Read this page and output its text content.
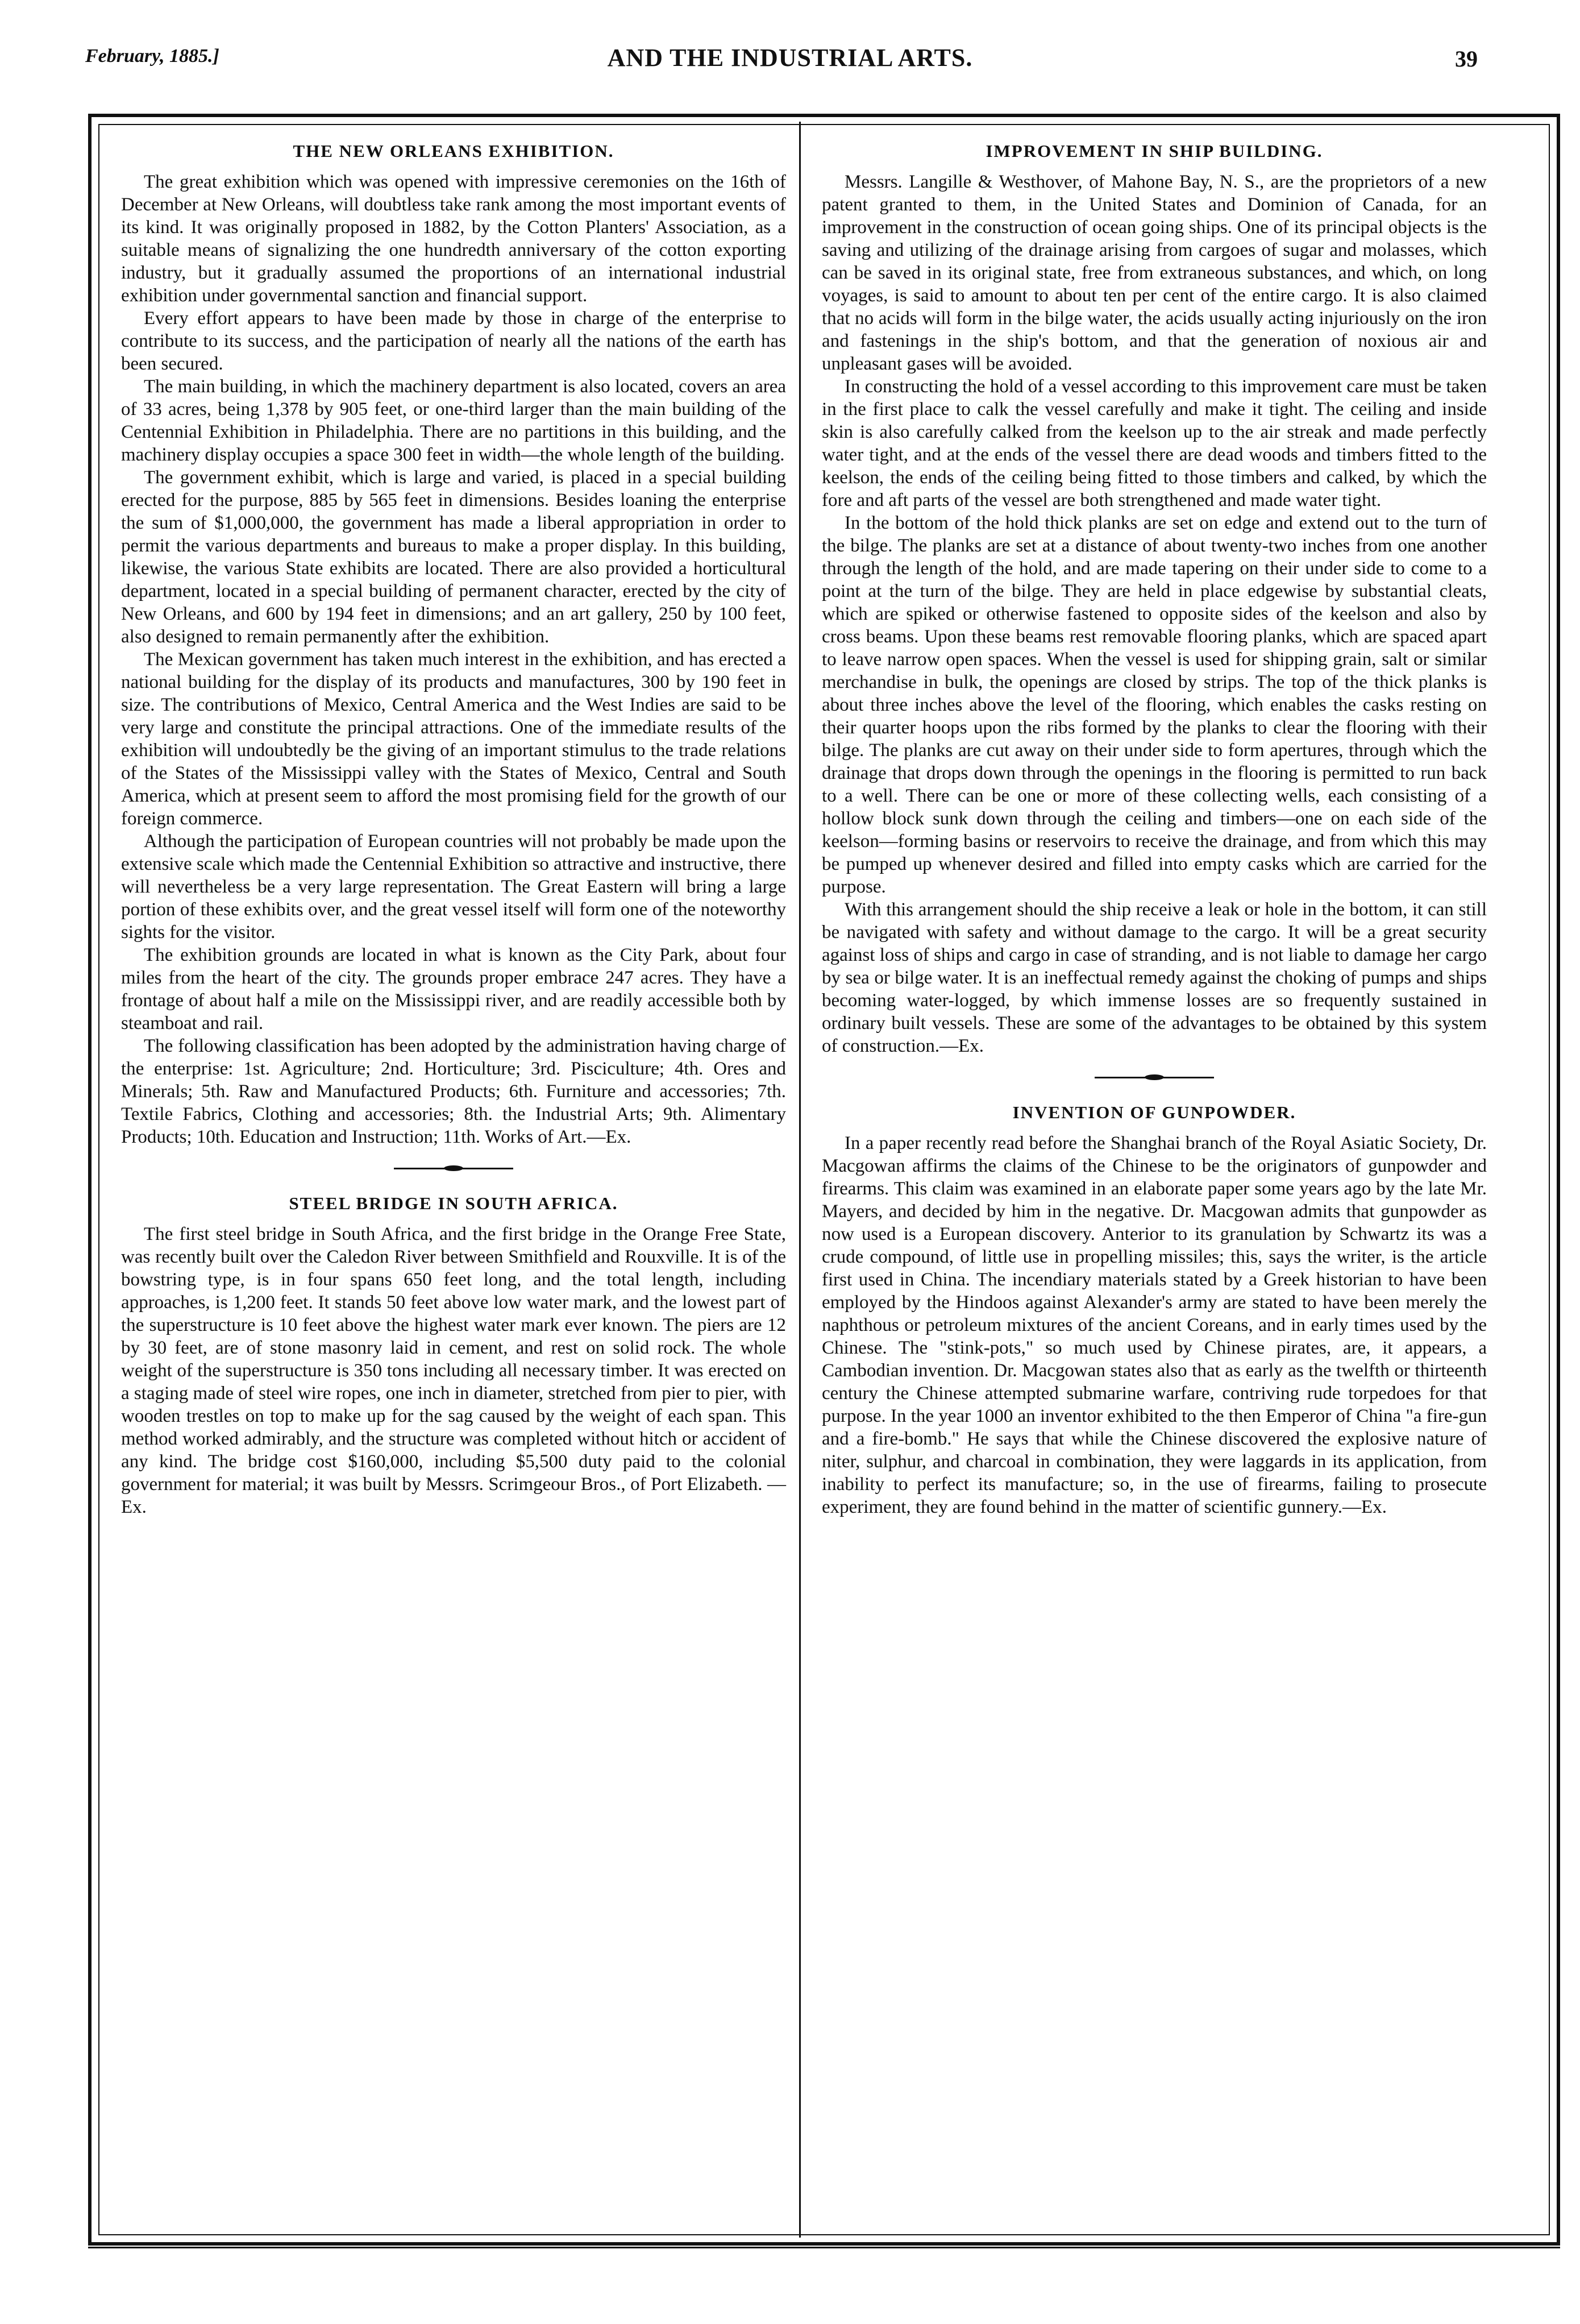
February, 1885.]	AND THE INDUSTRIAL ARTS.	39
THE NEW ORLEANS EXHIBITION.

The great exhibition which was opened with impressive ceremonies on the 16th of December at New Orleans, will doubtless take rank among the most important events of its kind. It was originally proposed in 1882, by the Cotton Planters' Association, as a suitable means of signalizing the one hundredth anniversary of the cotton exporting industry, but it gradually assumed the proportions of an international industrial exhibition under governmental sanction and financial support.

Every effort appears to have been made by those in charge of the enterprise to contribute to its success, and the participation of nearly all the nations of the earth has been secured.

The main building, in which the machinery department is also located, covers an area of 33 acres, being 1,378 by 905 feet, or one-third larger than the main building of the Centennial Exhibition in Philadelphia. There are no partitions in this building, and the machinery display occupies a space 300 feet in width—the whole length of the building.

The government exhibit, which is large and varied, is placed in a special building erected for the purpose, 885 by 565 feet in dimensions. Besides loaning the enterprise the sum of $1,000,000, the government has made a liberal appropriation in order to permit the various departments and bureaus to make a proper display. In this building, likewise, the various State exhibits are located. There are also provided a horticultural department, located in a special building of permanent character, erected by the city of New Orleans, and 600 by 194 feet in dimensions; and an art gallery, 250 by 100 feet, also designed to remain permanently after the exhibition.

The Mexican government has taken much interest in the exhibition, and has erected a national building for the display of its products and manufactures, 300 by 190 feet in size. The contributions of Mexico, Central America and the West Indies are said to be very large and constitute the principal attractions. One of the immediate results of the exhibition will undoubtedly be the giving of an important stimulus to the trade relations of the States of the Mississippi valley with the States of Mexico, Central and South America, which at present seem to afford the most promising field for the growth of our foreign commerce.

Although the participation of European countries will not probably be made upon the extensive scale which made the Centennial Exhibition so attractive and instructive, there will nevertheless be a very large representation. The Great Eastern will bring a large portion of these exhibits over, and the great vessel itself will form one of the noteworthy sights for the visitor.

The exhibition grounds are located in what is known as the City Park, about four miles from the heart of the city. The grounds proper embrace 247 acres. They have a frontage of about half a mile on the Mississippi river, and are readily accessible both by steamboat and rail.

The following classification has been adopted by the administration having charge of the enterprise: 1st. Agriculture; 2nd. Horticulture; 3rd. Pisciculture; 4th. Ores and Minerals; 5th. Raw and Manufactured Products; 6th. Furniture and accessories; 7th. Textile Fabrics, Clothing and accessories; 8th. the Industrial Arts; 9th. Alimentary Products; 10th. Education and Instruction; 11th. Works of Art.—Ex.

STEEL BRIDGE IN SOUTH AFRICA.

The first steel bridge in South Africa, and the first bridge in the Orange Free State, was recently built over the Caledon River between Smithfield and Rouxville. It is of the bowstring type, is in four spans 650 feet long, and the total length, including approaches, is 1,200 feet. It stands 50 feet above low water mark, and the lowest part of the superstructure is 10 feet above the highest water mark ever known. The piers are 12 by 30 feet, are of stone masonry laid in cement, and rest on solid rock. The whole weight of the superstructure is 350 tons including all necessary timber. It was erected on a staging made of steel wire ropes, one inch in diameter, stretched from pier to pier, with wooden trestles on top to make up for the sag caused by the weight of each span. This method worked admirably, and the structure was completed without hitch or accident of any kind. The bridge cost $160,000, including $5,500 duty paid to the colonial government for material; it was built by Messrs. Scrimgeour Bros., of Port Elizabeth. —Ex.

IMPROVEMENT IN SHIP BUILDING.

Messrs. Langille & Westhover, of Mahone Bay, N. S., are the proprietors of a new patent granted to them, in the United States and Dominion of Canada, for an improvement in the construction of ocean going ships. One of its principal objects is the saving and utilizing of the drainage arising from cargoes of sugar and molasses, which can be saved in its original state, free from extraneous substances, and which, on long voyages, is said to amount to about ten per cent of the entire cargo. It is also claimed that no acids will form in the bilge water, the acids usually acting injuriously on the iron and fastenings in the ship's bottom, and that the generation of noxious air and unpleasant gases will be avoided.

In constructing the hold of a vessel according to this improvement care must be taken in the first place to calk the vessel carefully and make it tight. The ceiling and inside skin is also carefully calked from the keelson up to the air streak and made perfectly water tight, and at the ends of the vessel there are dead woods and timbers fitted to the keelson, the ends of the ceiling being fitted to those timbers and calked, by which the fore and aft parts of the vessel are both strengthened and made water tight.

In the bottom of the hold thick planks are set on edge and extend out to the turn of the bilge. The planks are set at a distance of about twenty-two inches from one another through the length of the hold, and are made tapering on their under side to come to a point at the turn of the bilge. They are held in place edgewise by substantial cleats, which are spiked or otherwise fastened to opposite sides of the keelson and also by cross beams. Upon these beams rest removable flooring planks, which are spaced apart to leave narrow open spaces. When the vessel is used for shipping grain, salt or similar merchandise in bulk, the openings are closed by strips. The top of the thick planks is about three inches above the level of the flooring, which enables the casks resting on their quarter hoops upon the ribs formed by the planks to clear the flooring with their bilge. The planks are cut away on their under side to form apertures, through which the drainage that drops down through the openings in the flooring is permitted to run back to a well. There can be one or more of these collecting wells, each consisting of a hollow block sunk down through the ceiling and timbers—one on each side of the keelson—forming basins or reservoirs to receive the drainage, and from which this may be pumped up whenever desired and filled into empty casks which are carried for the purpose.

With this arrangement should the ship receive a leak or hole in the bottom, it can still be navigated with safety and without damage to the cargo. It will be a great security against loss of ships and cargo in case of stranding, and is not liable to damage her cargo by sea or bilge water. It is an ineffectual remedy against the choking of pumps and ships becoming water-logged, by which immense losses are so frequently sustained in ordinary built vessels. These are some of the advantages to be obtained by this system of construction.—Ex.

INVENTION OF GUNPOWDER.

In a paper recently read before the Shanghai branch of the Royal Asiatic Society, Dr. Macgowan affirms the claims of the Chinese to be the originators of gunpowder and firearms. This claim was examined in an elaborate paper some years ago by the late Mr. Mayers, and decided by him in the negative. Dr. Macgowan admits that gunpowder as now used is a European discovery. Anterior to its granulation by Schwartz its was a crude compound, of little use in propelling missiles; this, says the writer, is the article first used in China. The incendiary materials stated by a Greek historian to have been employed by the Hindoos against Alexander's army are stated to have been merely the naphthous or petroleum mixtures of the ancient Coreans, and in early times used by the Chinese. The "stink-pots," so much used by Chinese pirates, are, it appears, a Cambodian invention. Dr. Macgowan states also that as early as the twelfth or thirteenth century the Chinese attempted submarine warfare, contriving rude torpedoes for that purpose. In the year 1000 an inventor exhibited to the then Emperor of China "a fire-gun and a fire-bomb." He says that while the Chinese discovered the explosive nature of niter, sulphur, and charcoal in combination, they were laggards in its application, from inability to perfect its manufacture; so, in the use of firearms, failing to prosecute experiment, they are found behind in the matter of scientific gunnery.—Ex.
